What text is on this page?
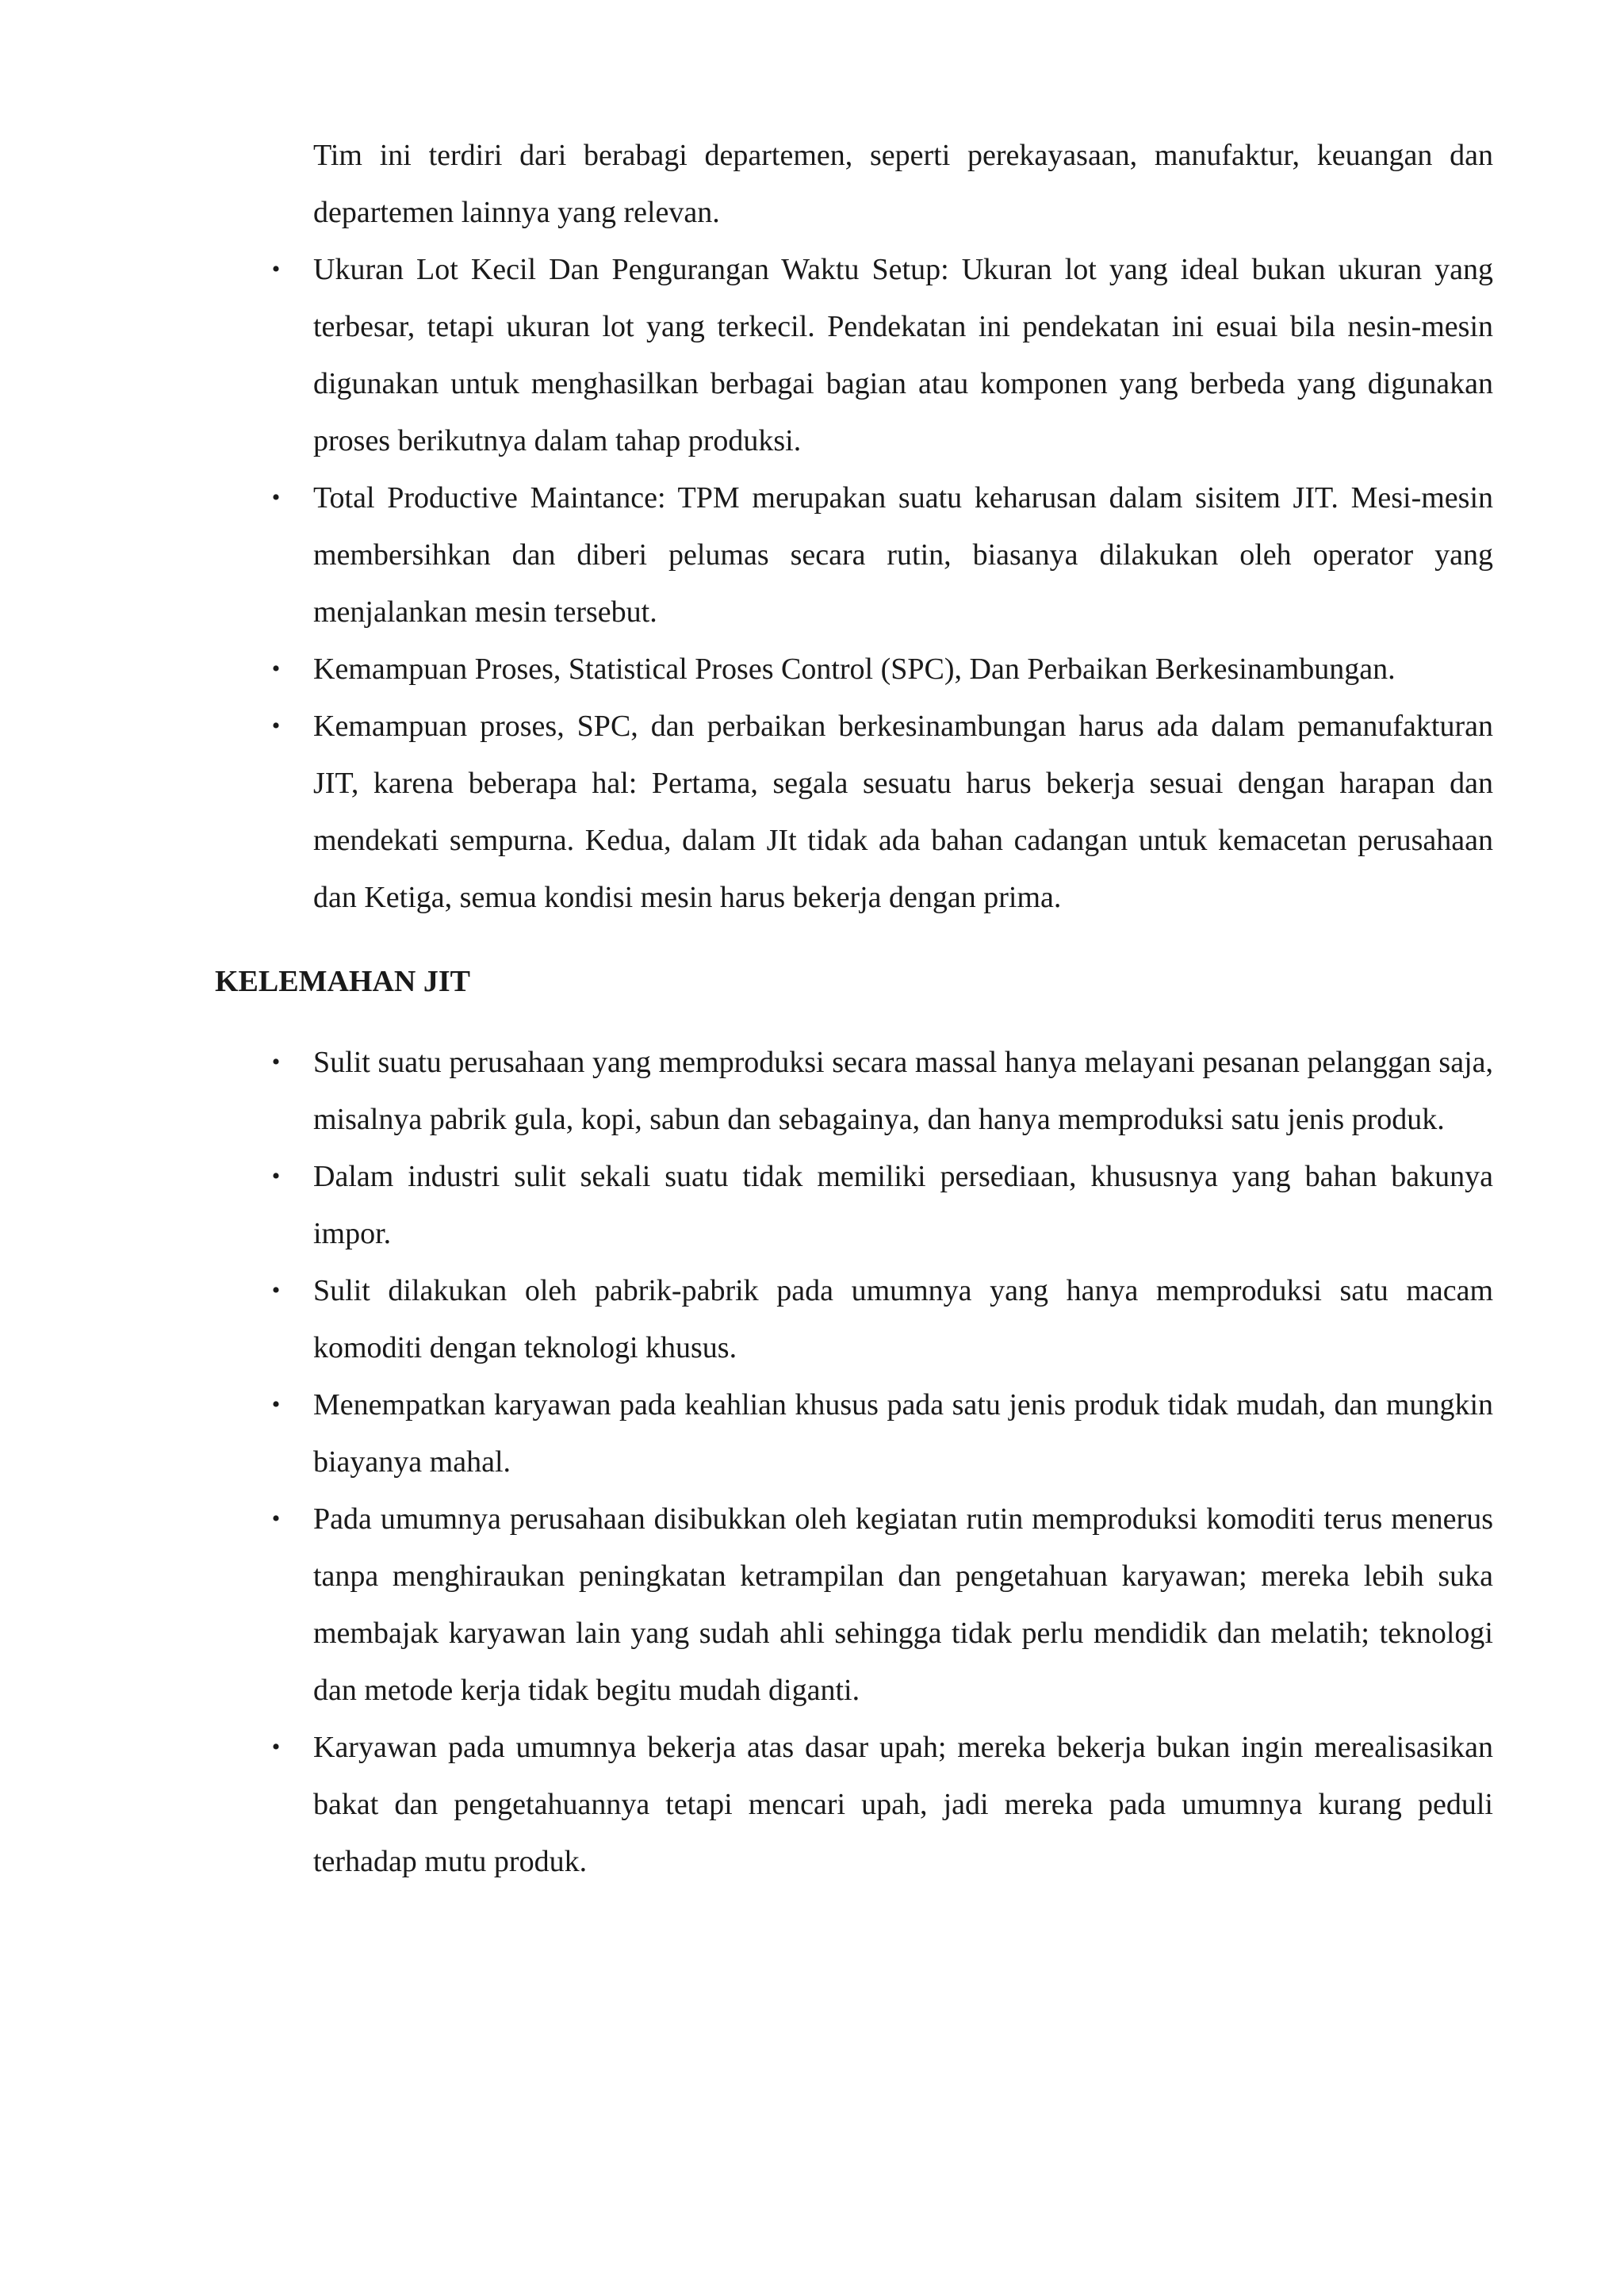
Tim ini terdiri dari berabagi departemen, seperti perekayasaan, manufaktur, keuangan dan departemen lainnya yang relevan.

• Ukuran Lot Kecil Dan Pengurangan Waktu Setup: Ukuran lot yang ideal bukan ukuran yang terbesar, tetapi ukuran lot yang terkecil. Pendekatan ini pendekatan ini esuai bila nesin-mesin digunakan untuk menghasilkan berbagai bagian atau komponen yang berbeda yang digunakan proses berikutnya dalam tahap produksi.
• Total Productive Maintance: TPM merupakan suatu keharusan dalam sisitem JIT. Mesi-mesin membersihkan dan diberi pelumas secara rutin, biasanya dilakukan oleh operator yang menjalankan mesin tersebut.
• Kemampuan Proses, Statistical Proses Control (SPC), Dan Perbaikan Berkesinambungan.
• Kemampuan proses, SPC, dan perbaikan berkesinambungan harus ada dalam pemanufakturan JIT, karena beberapa hal: Pertama, segala sesuatu harus bekerja sesuai dengan harapan dan mendekati sempurna. Kedua, dalam JIt tidak ada bahan cadangan untuk kemacetan perusahaan dan Ketiga, semua kondisi mesin harus bekerja dengan prima.
KELEMAHAN JIT
• Sulit suatu perusahaan yang memproduksi secara massal hanya melayani pesanan pelanggan saja, misalnya pabrik gula, kopi, sabun dan sebagainya, dan hanya memproduksi satu jenis produk.
• Dalam industri sulit sekali suatu tidak memiliki persediaan, khususnya yang bahan bakunya impor.
• Sulit dilakukan oleh pabrik-pabrik pada umumnya yang hanya memproduksi satu macam komoditi dengan teknologi khusus.
• Menempatkan karyawan pada keahlian khusus pada satu jenis produk tidak mudah, dan mungkin biayanya mahal.
• Pada umumnya perusahaan disibukkan oleh kegiatan rutin memproduksi komoditi terus menerus tanpa menghiraukan peningkatan ketrampilan dan pengetahuan karyawan; mereka lebih suka membajak karyawan lain yang sudah ahli sehingga tidak perlu mendidik dan melatih; teknologi dan metode kerja tidak begitu mudah diganti.
• Karyawan pada umumnya bekerja atas dasar upah; mereka bekerja bukan ingin merealisasikan bakat dan pengetahuannya tetapi mencari upah, jadi mereka pada umumnya kurang peduli terhadap mutu produk.
